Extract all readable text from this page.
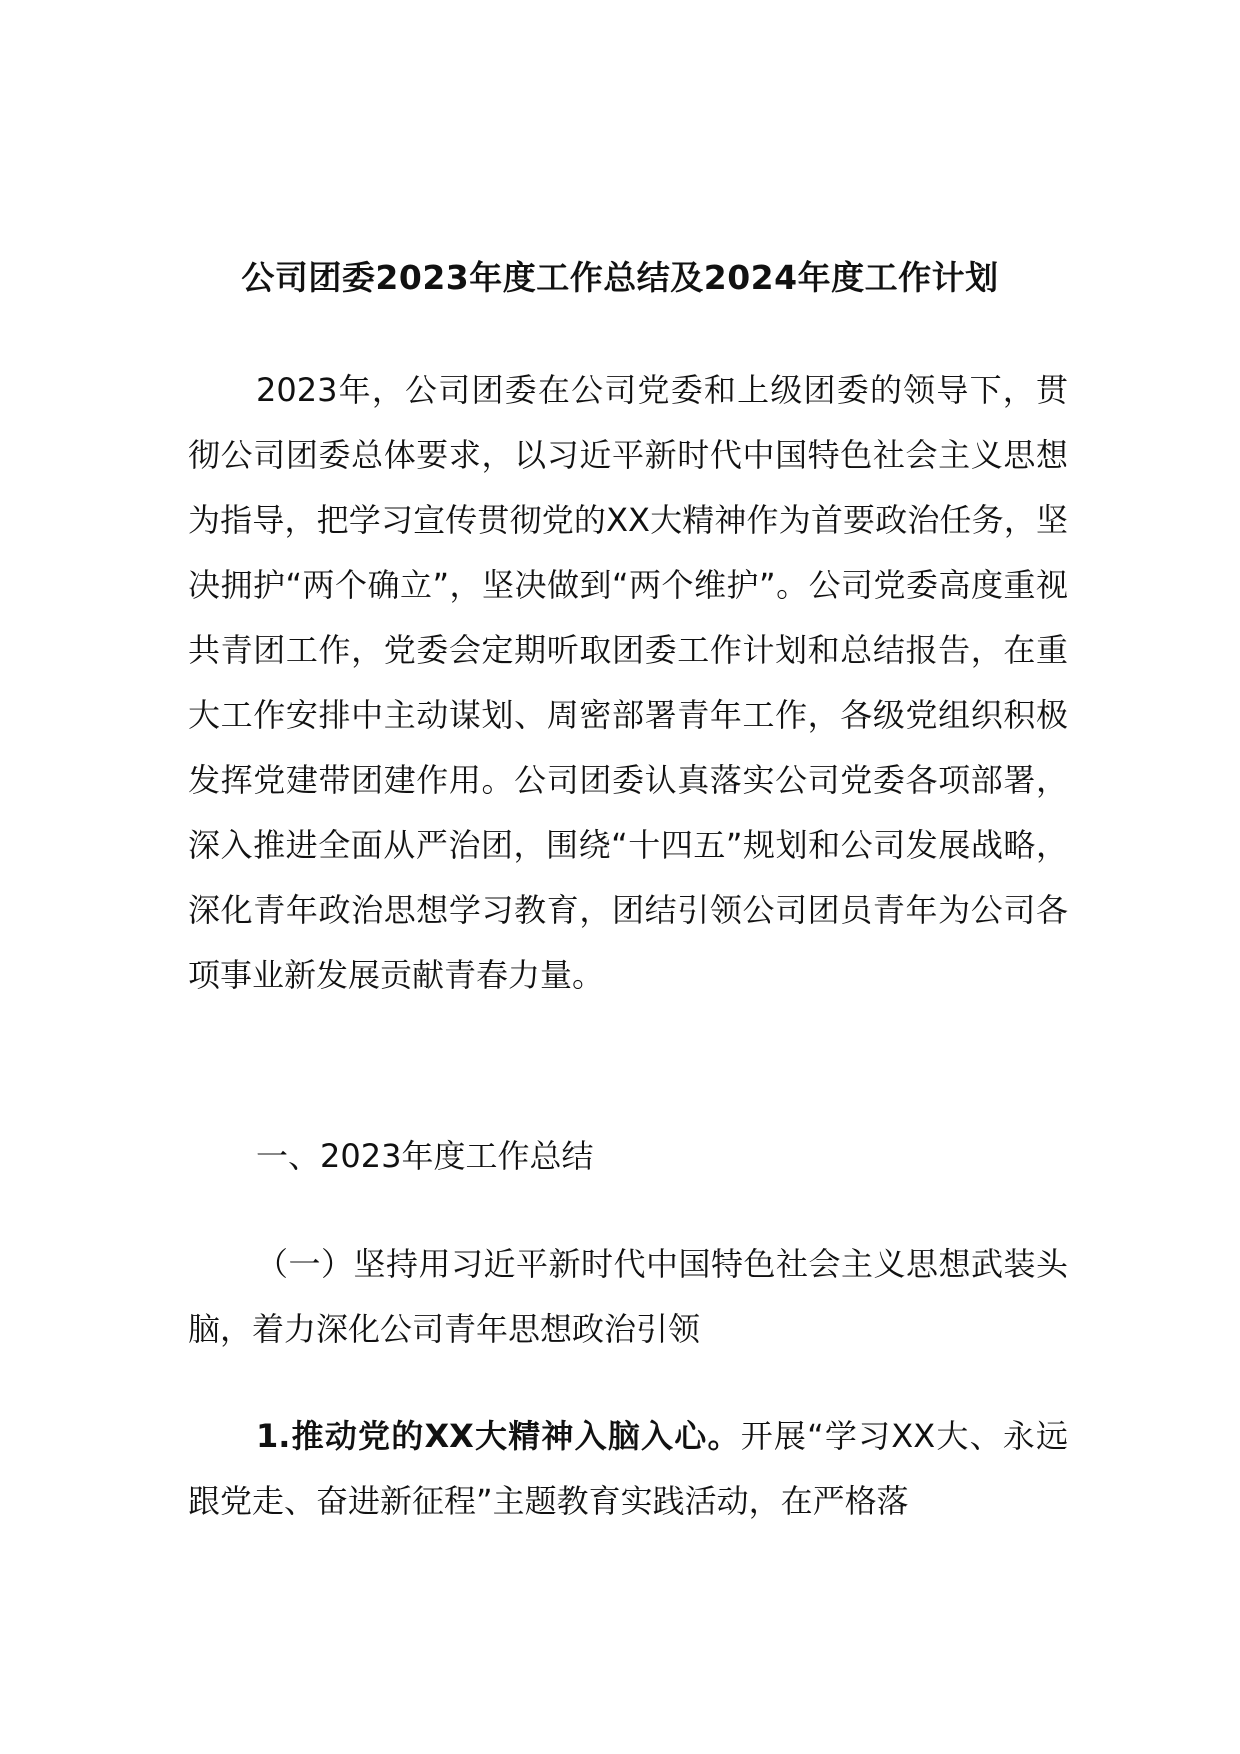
公司团委2023年度工作总结及2024年度工作计划

2023年，公司团委在公司党委和上级团委的领导下，贯彻公司团委总体要求，以习近平新时代中国特色社会主义思想为指导，把学习宣传贯彻党的XX大精神作为首要政治任务，坚决拥护“两个确立”，坚决做到“两个维护”。公司党委高度重视共青团工作，党委会定期听取团委工作计划和总结报告，在重大工作安排中主动谋划、周密部署青年工作，各级党组织积极发挥党建带团建作用。公司团委认真落实公司党委各项部署，深入推进全面从严治团，围绕“十四五”规划和公司发展战略，深化青年政治思想学习教育，团结引领公司团员青年为公司各项事业新发展贡献青春力量。

一、2023年度工作总结

（一）坚持用习近平新时代中国特色社会主义思想武装头脑，着力深化公司青年思想政治引领

1.推动党的XX大精神入脑入心。开展“学习XX大、永远跟党走、奋进新征程”主题教育实践活动，在严格落
